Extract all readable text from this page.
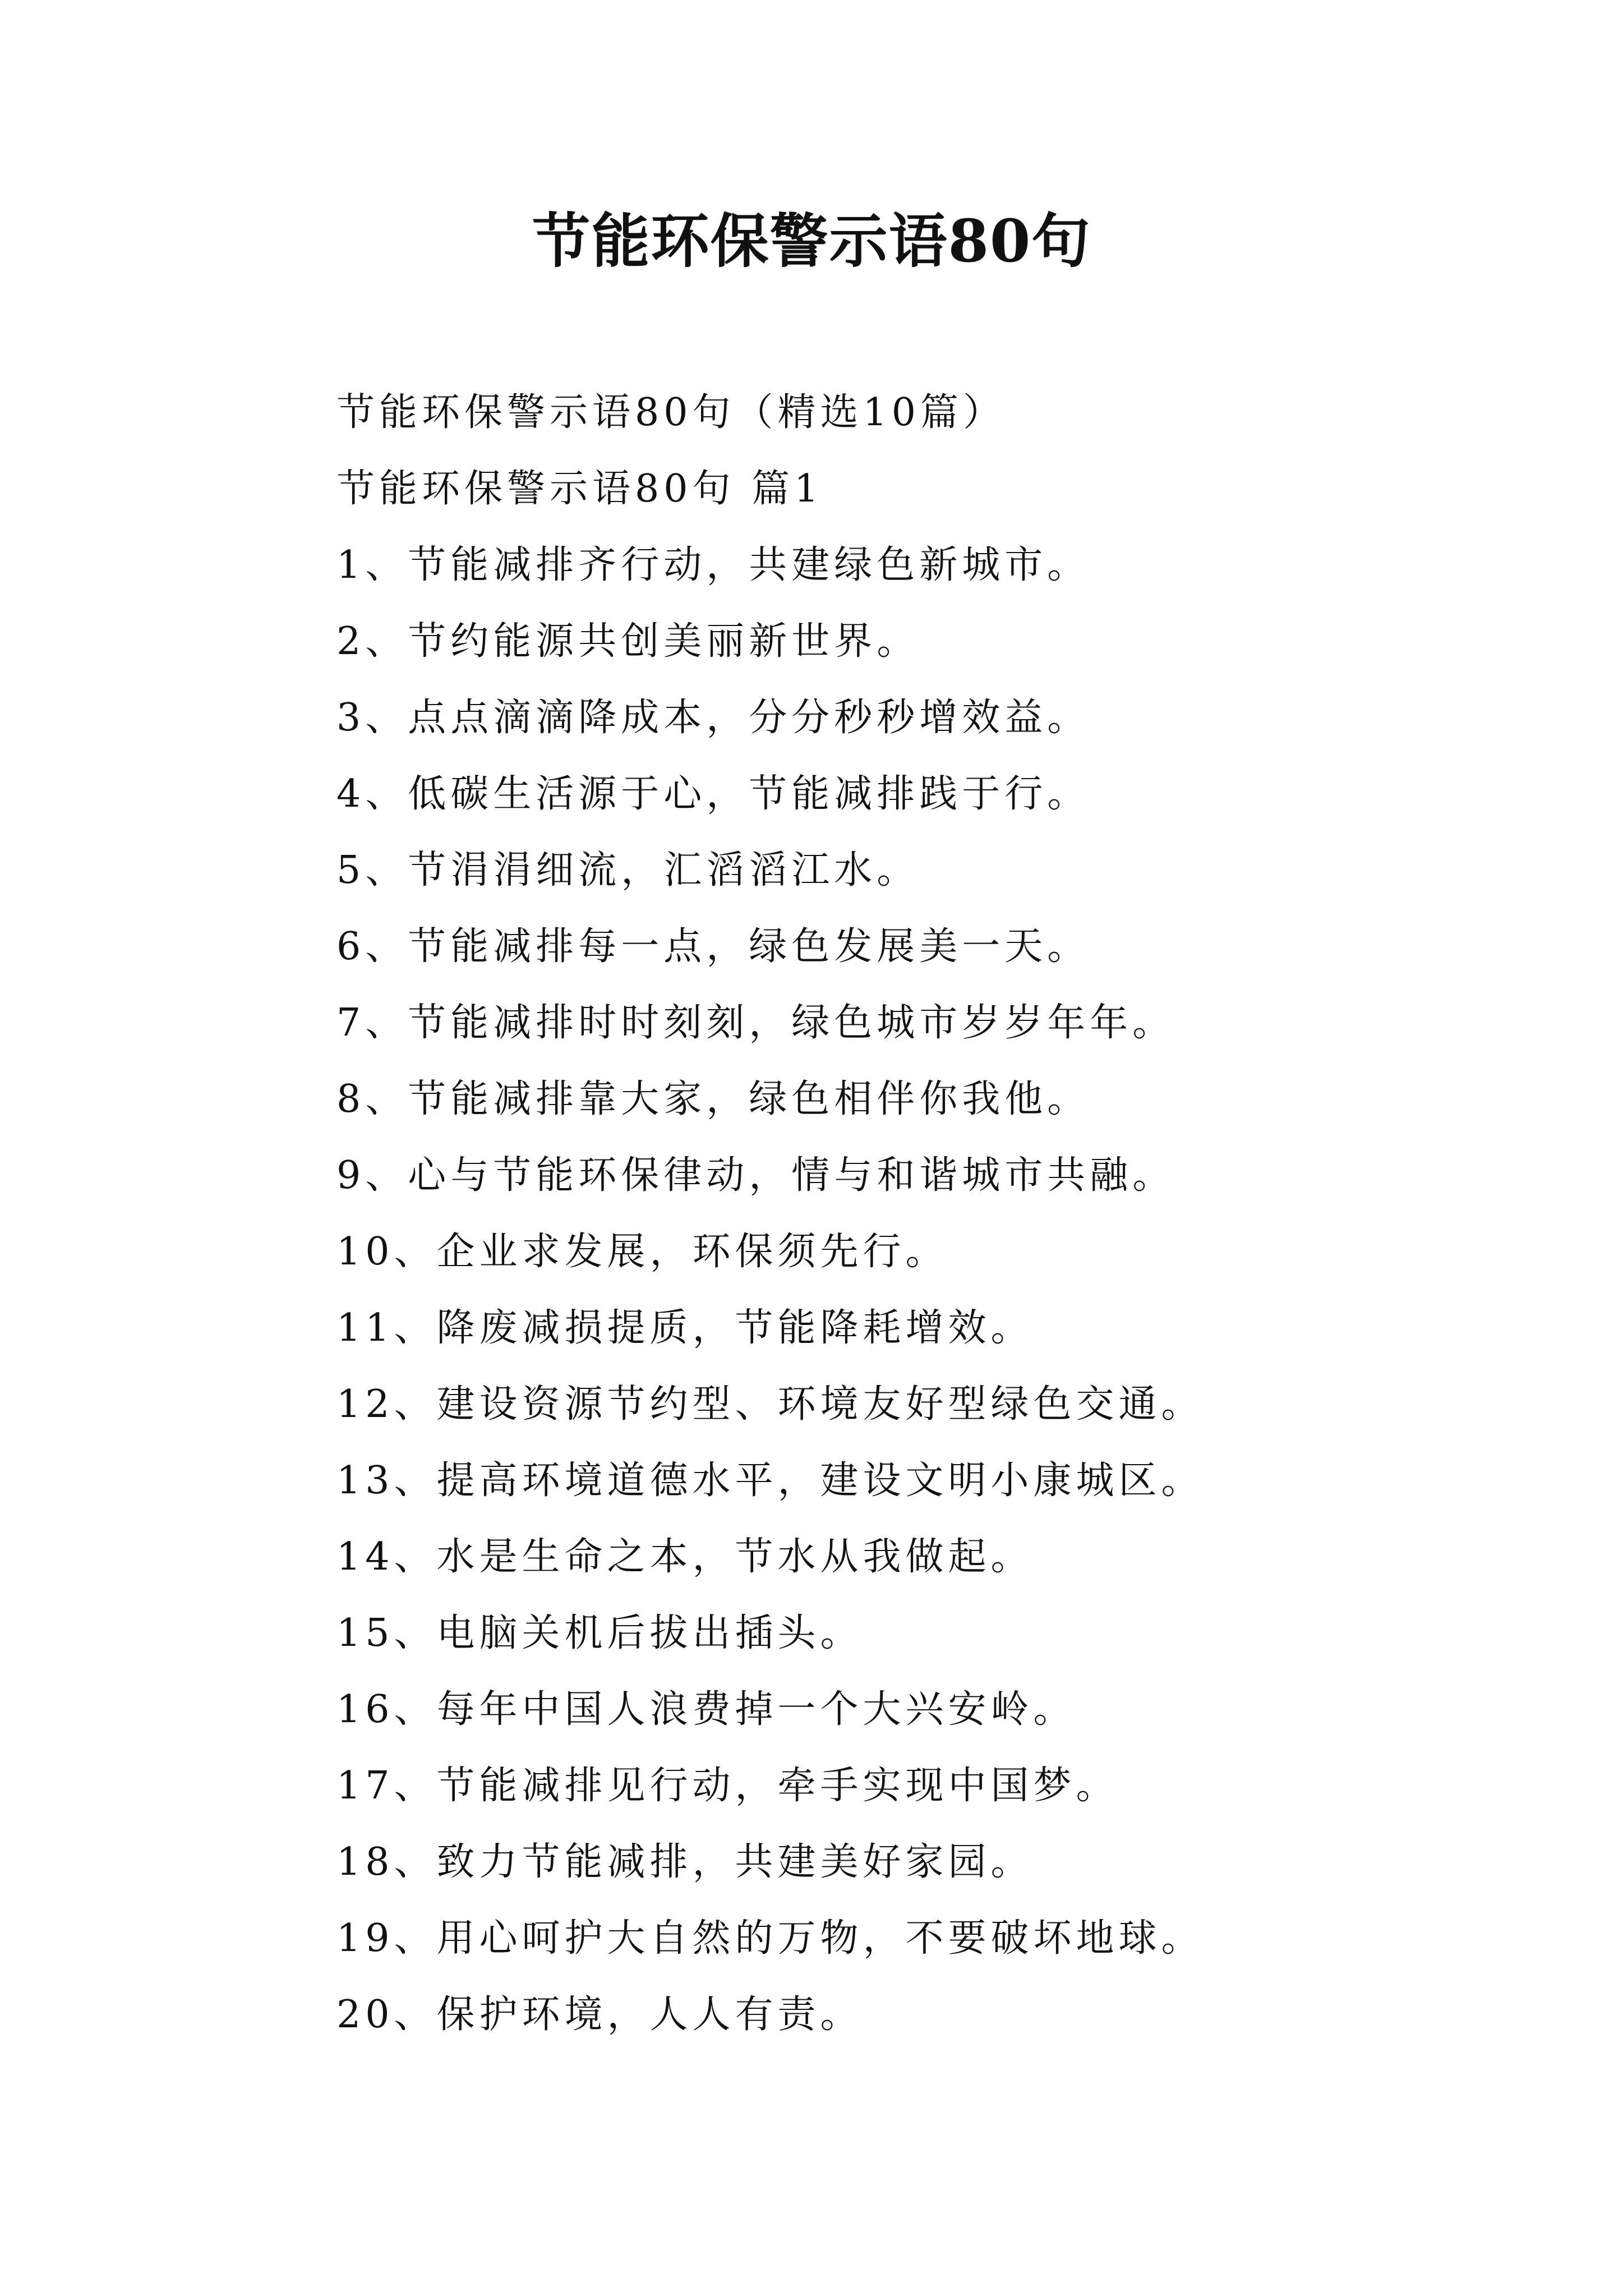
节能环保警示语80句
节能环保警示语80句（精选10篇）
节能环保警示语80句 篇1
1、节能减排齐行动，共建绿色新城市。
2、节约能源共创美丽新世界。
3、点点滴滴降成本，分分秒秒增效益。
4、低碳生活源于心，节能减排践于行。
5、节涓涓细流，汇滔滔江水。
6、节能减排每一点，绿色发展美一天。
7、节能减排时时刻刻，绿色城市岁岁年年。
8、节能减排靠大家，绿色相伴你我他。
9、心与节能环保律动，情与和谐城市共融。
10、企业求发展，环保须先行。
11、降废减损提质，节能降耗增效。
12、建设资源节约型、环境友好型绿色交通。
13、提高环境道德水平，建设文明小康城区。
14、水是生命之本，节水从我做起。
15、电脑关机后拔出插头。
16、每年中国人浪费掉一个大兴安岭。
17、节能减排见行动，牵手实现中国梦。
18、致力节能减排，共建美好家园。
19、用心呵护大自然的万物，不要破坏地球。
20、保护环境，人人有责。
